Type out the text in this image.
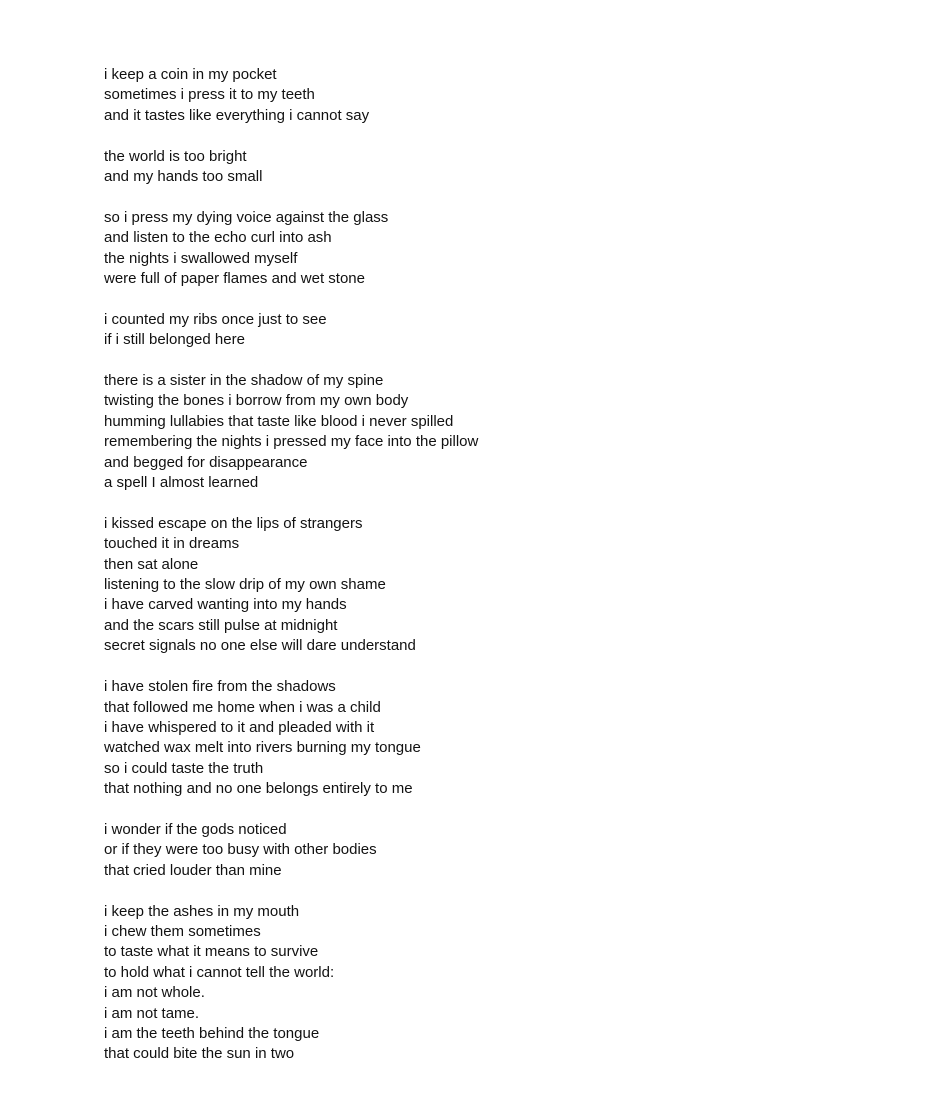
i keep a coin in my pocket
sometimes i press it to my teeth
and it tastes like everything i cannot say
the world is too bright
and my hands too small
so i press my dying voice against the glass
and listen to the echo curl into ash
the nights i swallowed myself
were full of paper flames and wet stone
i counted my ribs once just to see
if i still belonged here
there is a sister in the shadow of my spine
twisting the bones i borrow from my own body
humming lullabies that taste like blood i never spilled
remembering the nights i pressed my face into the pillow
and begged for disappearance
a spell I almost learned
i kissed escape on the lips of strangers
touched it in dreams
then sat alone
listening to the slow drip of my own shame
i have carved wanting into my hands
and the scars still pulse at midnight
secret signals no one else will dare understand
i have stolen fire from the shadows
that followed me home when i was a child
i have whispered to it and pleaded with it
watched wax melt into rivers burning my tongue
so i could taste the truth
that nothing and no one belongs entirely to me
i wonder if the gods noticed
or if they were too busy with other bodies
that cried louder than mine
i keep the ashes in my mouth
i chew them sometimes
to taste what it means to survive
to hold what i cannot tell the world:
i am not whole.
i am not tame.
i am the teeth behind the tongue
that could bite the sun in two
